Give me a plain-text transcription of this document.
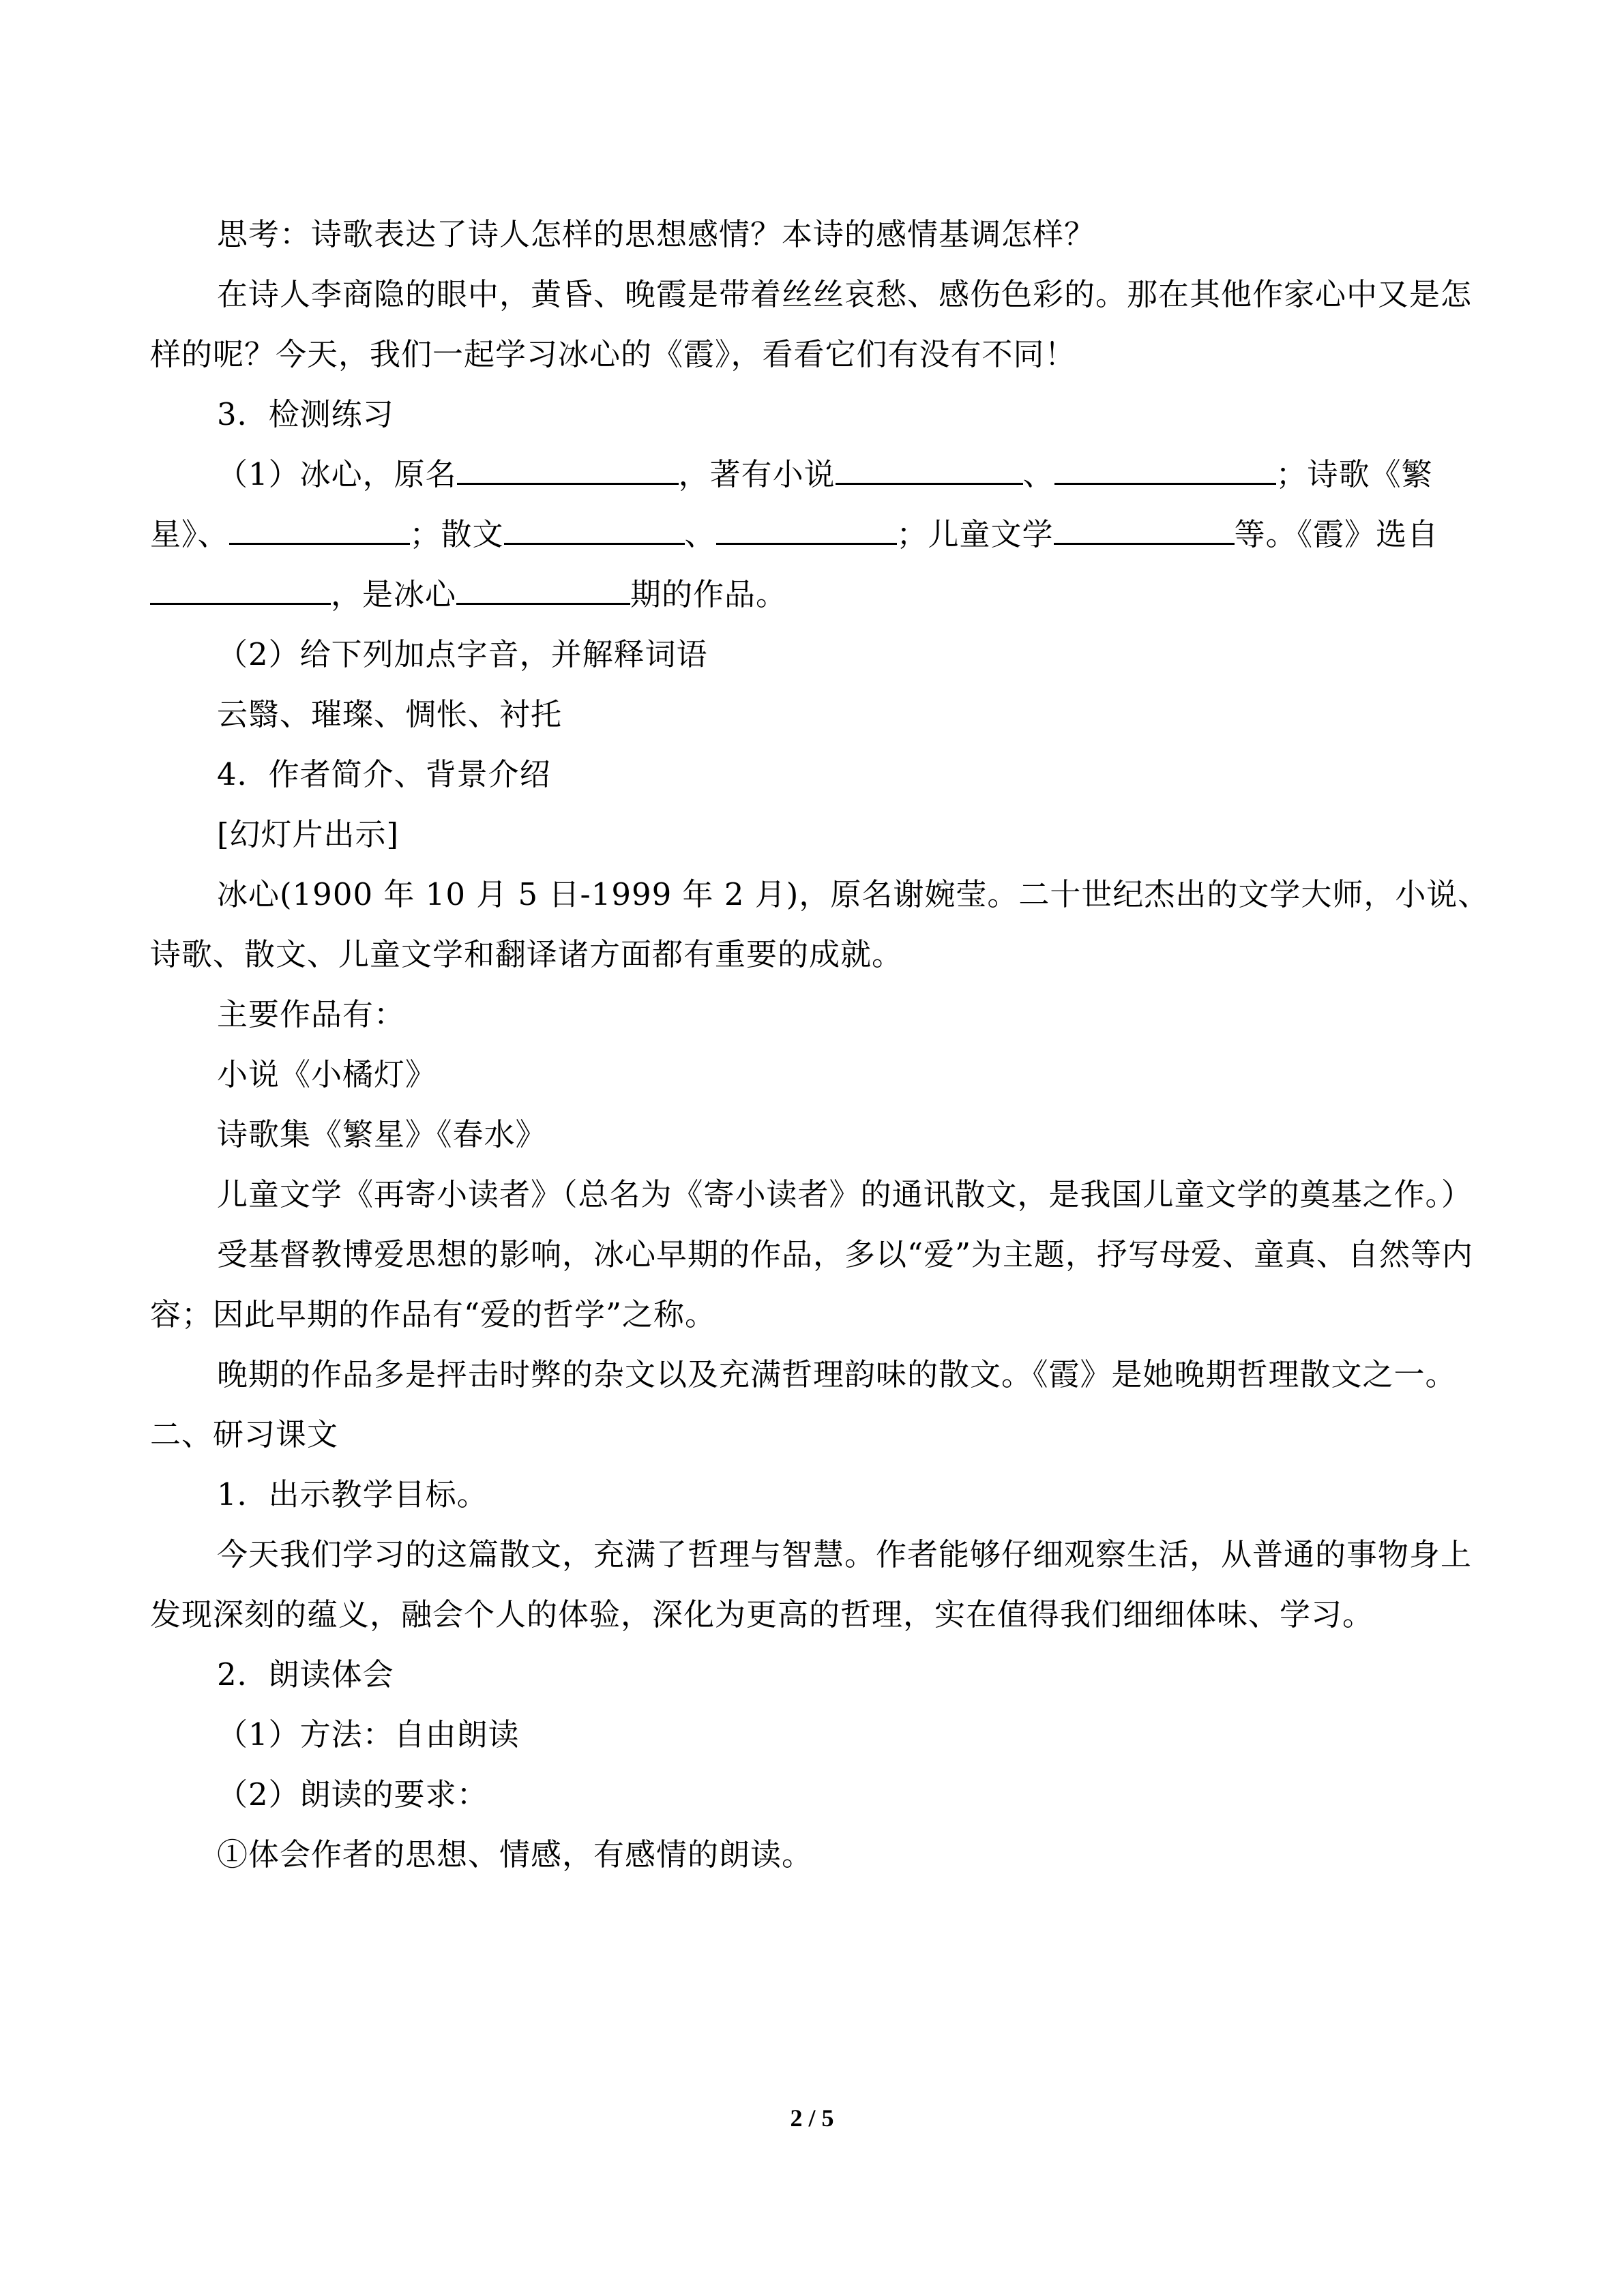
思考：诗歌表达了诗人怎样的思想感情？本诗的感情基调怎样？

在诗人李商隐的眼中，黄昏、晚霞是带着丝丝哀愁、感伤色彩的。那在其他作家心中又是怎样的呢？今天，我们一起学习冰心的《霞》，看看它们有没有不同！

3．检测练习

（1）冰心，原名	，著有小说	、	；诗歌《繁星》、	；散文	、	；儿童文学	等。《霞》选自，是冰心	期的作品。

（2）给下列加点字音，并解释词语

云翳、璀璨、惆怅、衬托

4．作者简介、背景介绍

[幻灯片出示]

冰心(1900 年 10 月 5 日-1999 年 2 月)，原名谢婉莹。二十世纪杰出的文学大师，小说、诗歌、散文、儿童文学和翻译诸方面都有重要的成就。

主要作品有：

小说《小橘灯》

诗歌集《繁星》《春水》

儿童文学《再寄小读者》（总名为《寄小读者》的通讯散文，是我国儿童文学的奠基之作。）

受基督教博爱思想的影响，冰心早期的作品，多以“爱”为主题，抒写母爱、童真、自然等内容；因此早期的作品有“爱的哲学”之称。

晚期的作品多是抨击时弊的杂文以及充满哲理韵味的散文。《霞》是她晚期哲理散文之一。

二、研习课文

1．出示教学目标。

今天我们学习的这篇散文，充满了哲理与智慧。作者能够仔细观察生活，从普通的事物身上发现深刻的蕴义，融会个人的体验，深化为更高的哲理，实在值得我们细细体味、学习。

2．朗读体会

（1）方法：自由朗读

（2）朗读的要求：

①体会作者的思想、情感，有感情的朗读。

2 / 5
